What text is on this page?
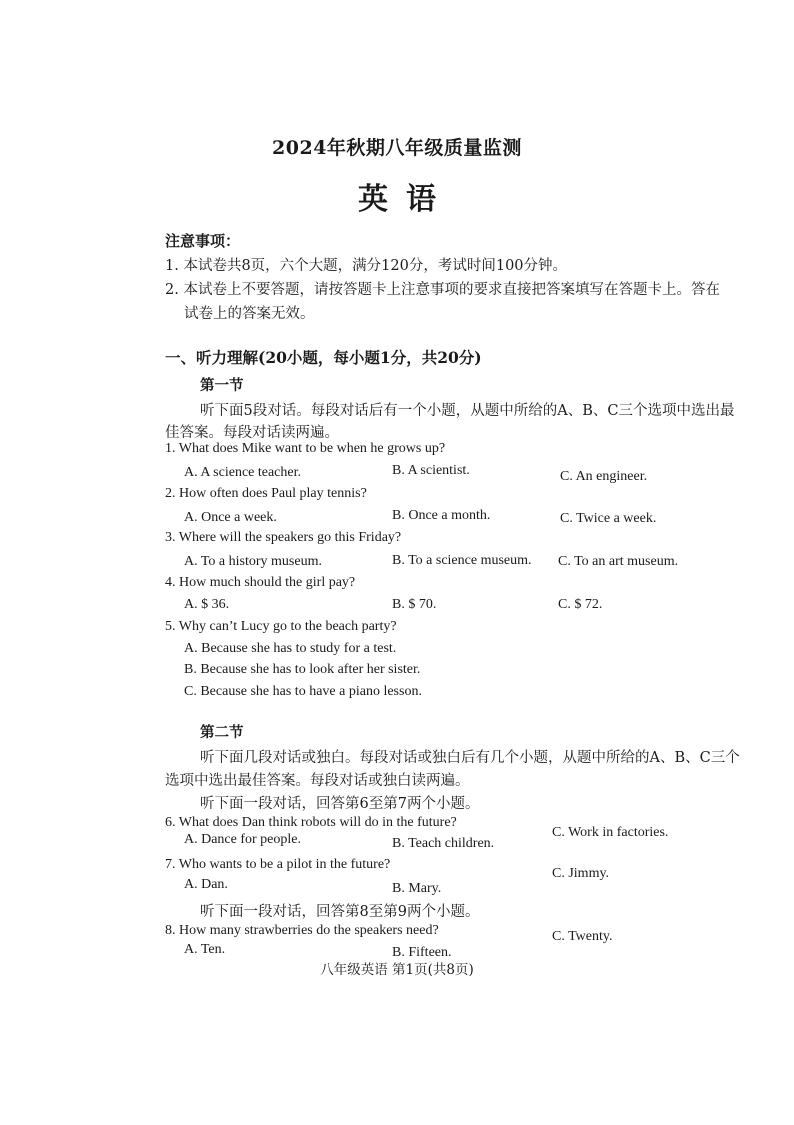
2024年秋期八年级质量监测
英语
注意事项：
1. 本试卷共8页，六个大题，满分120分，考试时间100分钟。
2. 本试卷上不要答题，请按答题卡上注意事项的要求直接把答案填写在答题卡上。答在
试卷上的答案无效。
一、听力理解(20小题，每小题1分，共20分)
第一节
听下面5段对话。每段对话后有一个小题，从题中所给的A、B、C三个选项中选出最
佳答案。每段对话读两遍。
1. What does Mike want to be when he grows up?
A. A science teacher.	B. A scientist.	C. An engineer.
2. How often does Paul play tennis?
A. Once a week.	B. Once a month.	C. Twice a week.
3. Where will the speakers go this Friday?
A. To a history museum.	B. To a science museum. C. To an art museum.
4. How much should the girl pay?
A. $ 36.	B. $ 70.	C. $ 72.
5. Why can’t Lucy go to the beach party?
A. Because she has to study for a test.
B. Because she has to look after her sister.
C. Because she has to have a piano lesson.
第二节
听下面几段对话或独白。每段对话或独白后有几个小题，从题中所给的A、B、C三个
选项中选出最佳答案。每段对话或独白读两遍。
听下面一段对话，回答第6至第7两个小题。
6. What does Dan think robots will do in the future?
A. Dance for people.	B. Teach children.
C. Work in factories.
7. Who wants to be a pilot in the future?
A. Dan.	B. Mary.
C. Jimmy.
听下面一段对话，回答第8至第9两个小题。
8. How many strawberries do the speakers need?
A. Ten.	B. Fifteen.
C. Twenty.
八年级英语 第1页(共8页)
